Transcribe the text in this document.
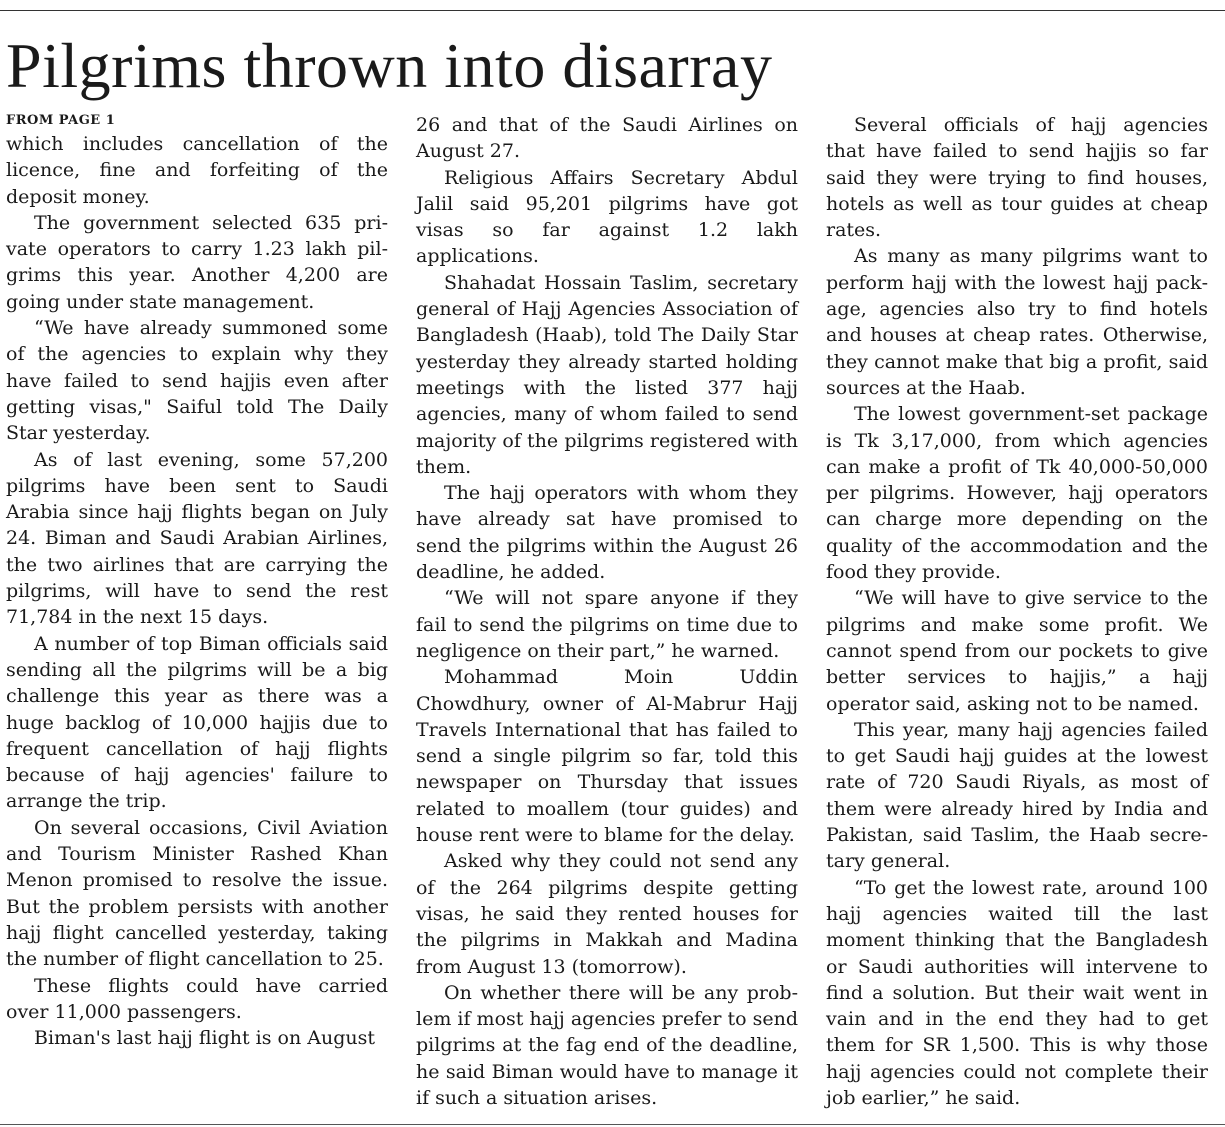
Pilgrims thrown into disarray
FROM PAGE 1

which includes cancellation of the licence, fine and forfeiting of the deposit money.

The government selected 635 private operators to carry 1.23 lakh pilgrims this year. Another 4,200 are going under state management.

“We have already summoned some of the agencies to explain why they have failed to send hajjis even after getting visas," Saiful told The Daily Star yesterday.

As of last evening, some 57,200 pilgrims have been sent to Saudi Arabia since hajj flights began on July 24. Biman and Saudi Arabian Airlines, the two airlines that are carrying the pilgrims, will have to send the rest 71,784 in the next 15 days.

A number of top Biman officials said sending all the pilgrims will be a big challenge this year as there was a huge backlog of 10,000 hajjis due to frequent cancellation of hajj flights because of hajj agencies' failure to arrange the trip.

On several occasions, Civil Aviation and Tourism Minister Rashed Khan Menon promised to resolve the issue. But the problem persists with another hajj flight cancelled yesterday, taking the number of flight cancellation to 25.

These flights could have carried over 11,000 passengers.

Biman's last hajj flight is on August

26 and that of the Saudi Airlines on August 27.

Religious Affairs Secretary Abdul Jalil said 95,201 pilgrims have got visas so far against 1.2 lakh applications.

Shahadat Hossain Taslim, secretary general of Hajj Agencies Association of Bangladesh (Haab), told The Daily Star yesterday they already started holding meetings with the listed 377 hajj agencies, many of whom failed to send majority of the pilgrims registered with them.

The hajj operators with whom they have already sat have promised to send the pilgrims within the August 26 deadline, he added.

“We will not spare anyone if they fail to send the pilgrims on time due to negligence on their part,” he warned.

Mohammad Moin Uddin Chowdhury, owner of Al-Mabrur Hajj Travels International that has failed to send a single pilgrim so far, told this newspaper on Thursday that issues related to moallem (tour guides) and house rent were to blame for the delay.

Asked why they could not send any of the 264 pilgrims despite getting visas, he said they rented houses for the pilgrims in Makkah and Madina from August 13 (tomorrow).

On whether there will be any problem if most hajj agencies prefer to send pilgrims at the fag end of the deadline, he said Biman would have to manage it if such a situation arises.

Several officials of hajj agencies that have failed to send hajjis so far said they were trying to find houses, hotels as well as tour guides at cheap rates.

As many as many pilgrims want to perform hajj with the lowest hajj package, agencies also try to find hotels and houses at cheap rates. Otherwise, they cannot make that big a profit, said sources at the Haab.

The lowest government-set package is Tk 3,17,000, from which agencies can make a profit of Tk 40,000-50,000 per pilgrims. However, hajj operators can charge more depending on the quality of the accommodation and the food they provide.

“We will have to give service to the pilgrims and make some profit. We cannot spend from our pockets to give better services to hajjis,” a hajj operator said, asking not to be named.

This year, many hajj agencies failed to get Saudi hajj guides at the lowest rate of 720 Saudi Riyals, as most of them were already hired by India and Pakistan, said Taslim, the Haab secretary general.

“To get the lowest rate, around 100 hajj agencies waited till the last moment thinking that the Bangladesh or Saudi authorities will intervene to find a solution. But their wait went in vain and in the end they had to get them for SR 1,500. This is why those hajj agencies could not complete their job earlier,” he said.
